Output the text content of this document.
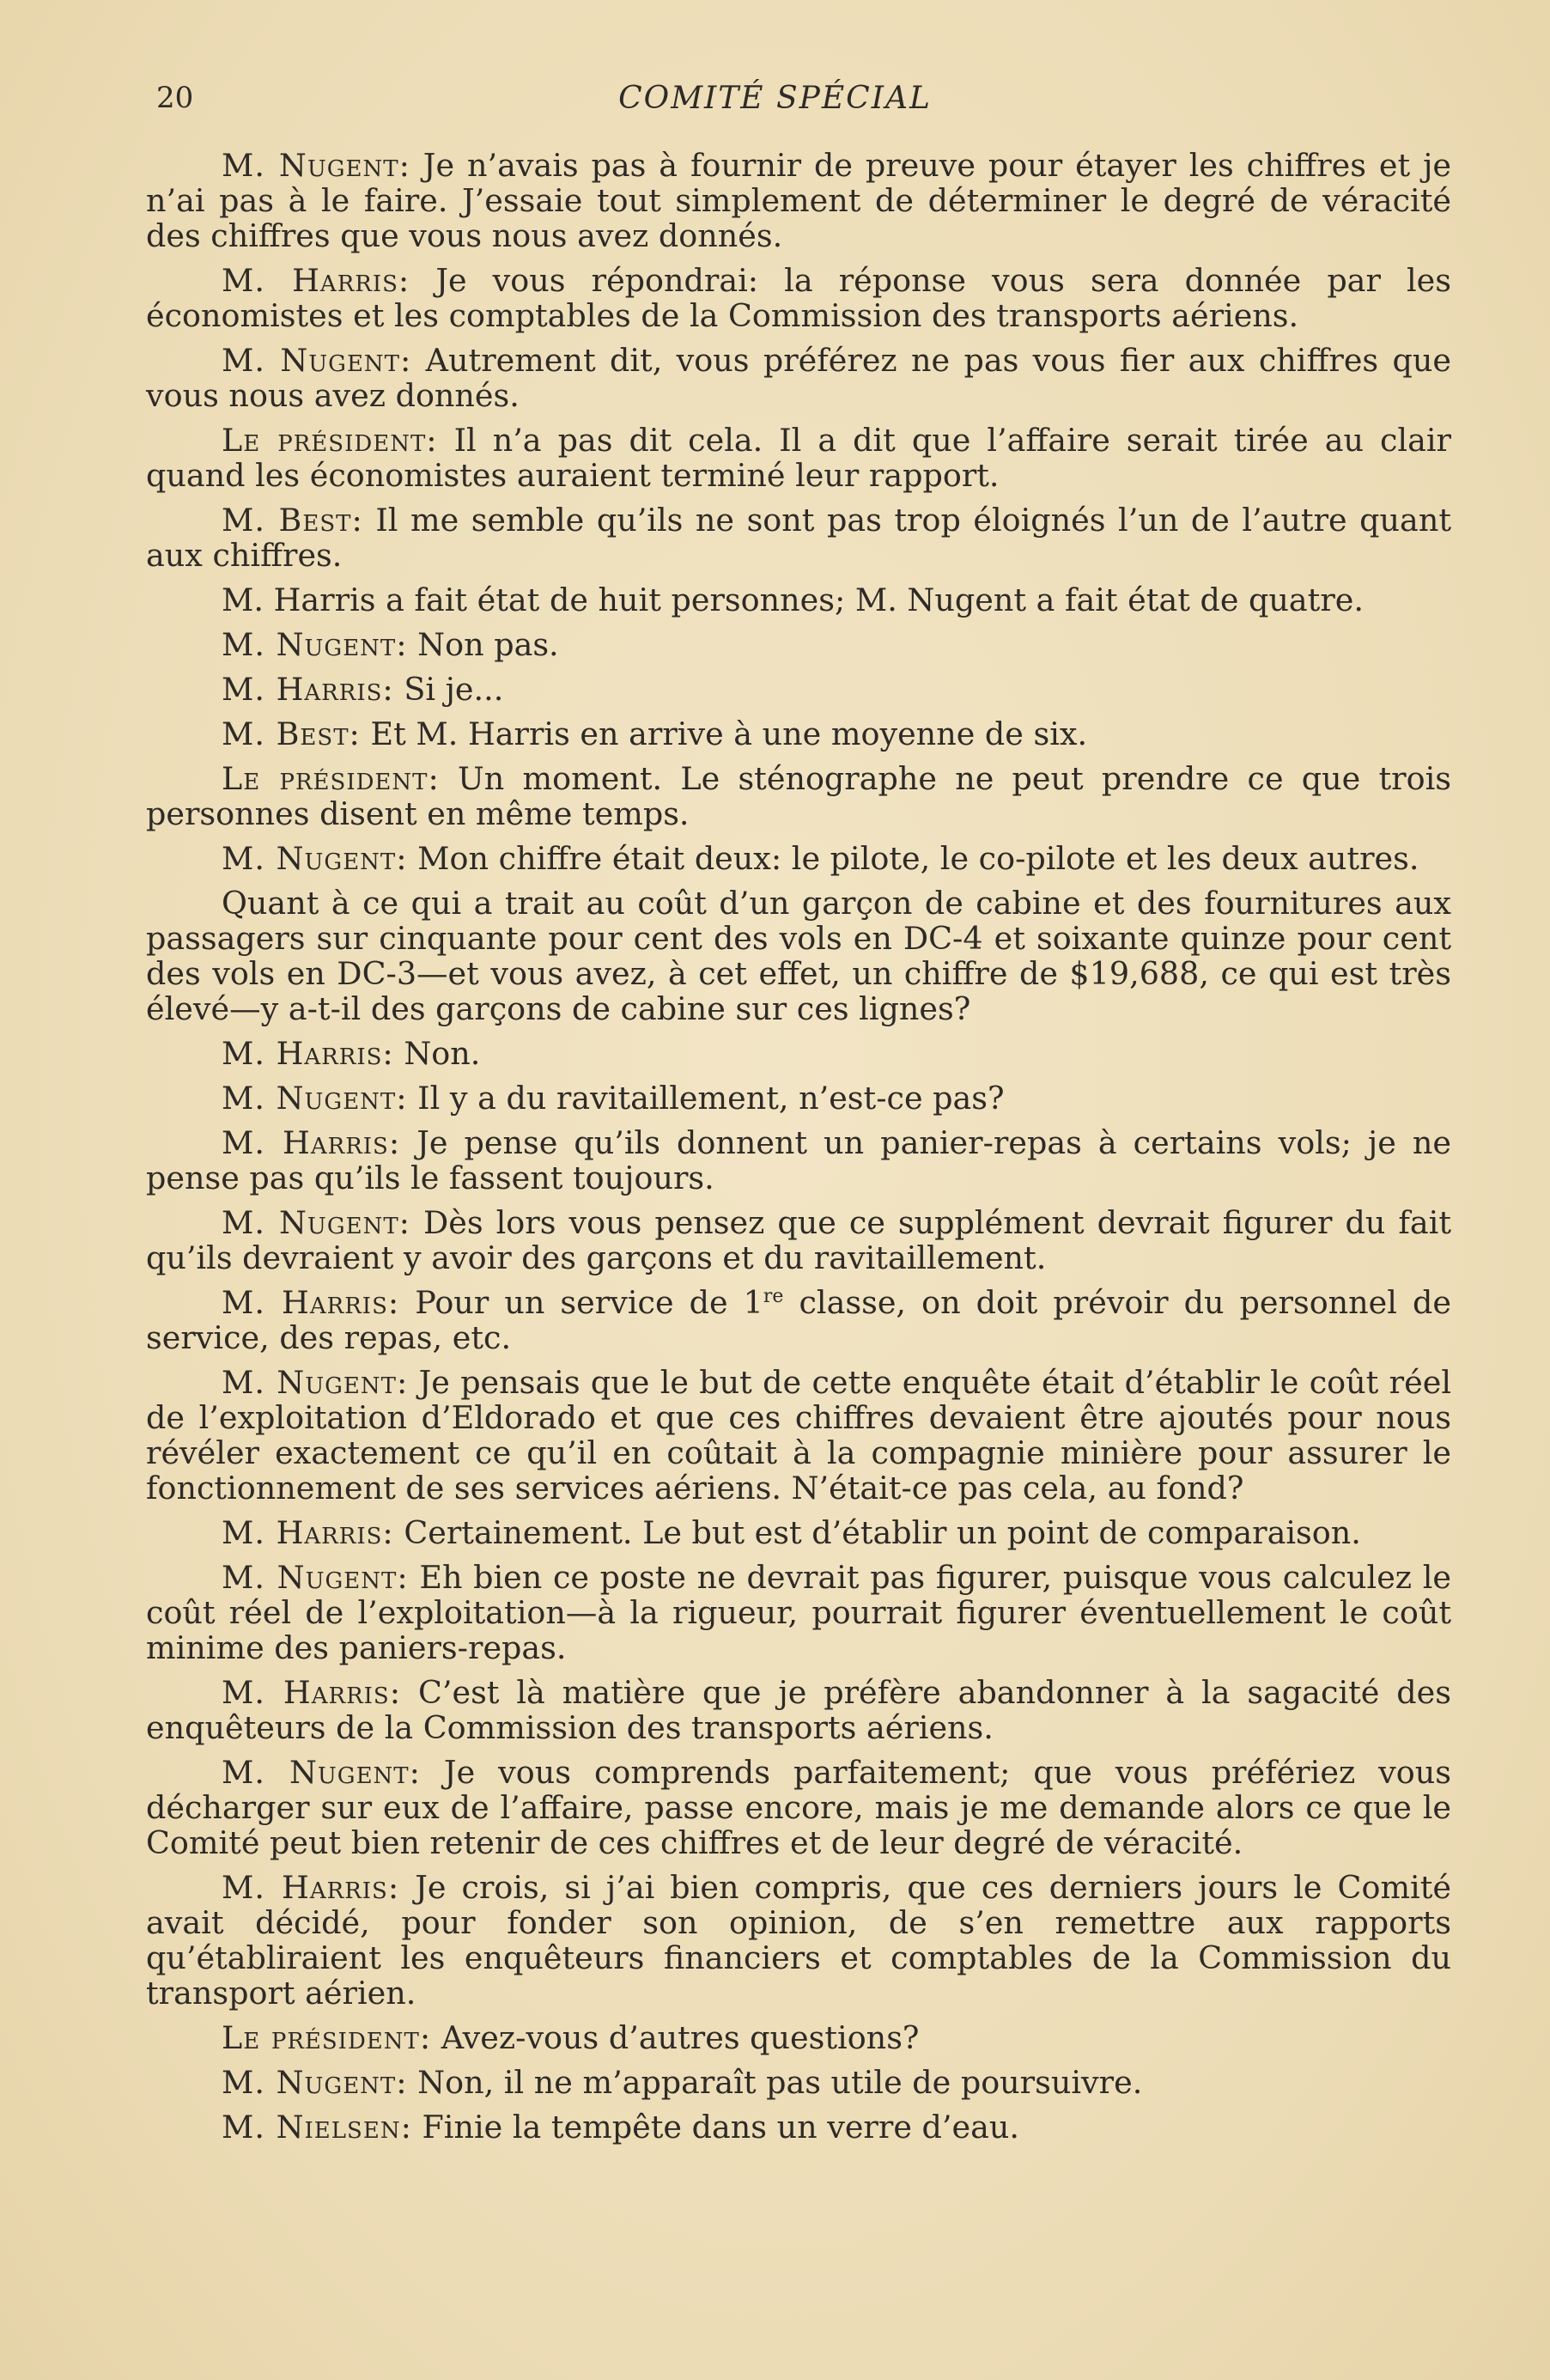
20	COMITÉ SPÉCIAL

M. Nugent: Je n’avais pas à fournir de preuve pour étayer les chiffres et je n’ai pas à le faire. J’essaie tout simplement de déterminer le degré de véracité des chiffres que vous nous avez donnés.

M. Harris: Je vous répondrai: la réponse vous sera donnée par les économistes et les comptables de la Commission des transports aériens.

M. Nugent: Autrement dit, vous préférez ne pas vous fier aux chiffres que vous nous avez donnés.

Le président: Il n’a pas dit cela. Il a dit que l’affaire serait tirée au clair quand les économistes auraient terminé leur rapport.

M. Best: Il me semble qu’ils ne sont pas trop éloignés l’un de l’autre quant aux chiffres.

M. Harris a fait état de huit personnes; M. Nugent a fait état de quatre.

M. Nugent: Non pas.

M. Harris: Si je...

M. Best: Et M. Harris en arrive à une moyenne de six.

Le président: Un moment. Le sténographe ne peut prendre ce que trois personnes disent en même temps.

M. Nugent: Mon chiffre était deux: le pilote, le co-pilote et les deux autres.

Quant à ce qui a trait au coût d’un garçon de cabine et des fournitures aux passagers sur cinquante pour cent des vols en DC-4 et soixante quinze pour cent des vols en DC-3—et vous avez, à cet effet, un chiffre de $19,688, ce qui est très élevé—y a-t-il des garçons de cabine sur ces lignes?

M. Harris: Non.

M. Nugent: Il y a du ravitaillement, n’est-ce pas?

M. Harris: Je pense qu’ils donnent un panier-repas à certains vols; je ne pense pas qu’ils le fassent toujours.

M. Nugent: Dès lors vous pensez que ce supplément devrait figurer du fait qu’ils devraient y avoir des garçons et du ravitaillement.

M. Harris: Pour un service de 1re classe, on doit prévoir du personnel de service, des repas, etc.

M. Nugent: Je pensais que le but de cette enquête était d’établir le coût réel de l’exploitation d’Eldorado et que ces chiffres devaient être ajoutés pour nous révéler exactement ce qu’il en coûtait à la compagnie minière pour assurer le fonctionnement de ses services aériens. N’était-ce pas cela, au fond?

M. Harris: Certainement. Le but est d’établir un point de comparaison.

M. Nugent: Eh bien ce poste ne devrait pas figurer, puisque vous calculez le coût réel de l’exploitation—à la rigueur, pourrait figurer éventuellement le coût minime des paniers-repas.

M. Harris: C’est là matière que je préfère abandonner à la sagacité des enquêteurs de la Commission des transports aériens.

M. Nugent: Je vous comprends parfaitement; que vous préfériez vous décharger sur eux de l’affaire, passe encore, mais je me demande alors ce que le Comité peut bien retenir de ces chiffres et de leur degré de véracité.

M. Harris: Je crois, si j’ai bien compris, que ces derniers jours le Comité avait décidé, pour fonder son opinion, de s’en remettre aux rapports qu’établiraient les enquêteurs financiers et comptables de la Commission du transport aérien.

Le président: Avez-vous d’autres questions?

M. Nugent: Non, il ne m’apparaît pas utile de poursuivre.

M. Nielsen: Finie la tempête dans un verre d’eau.
